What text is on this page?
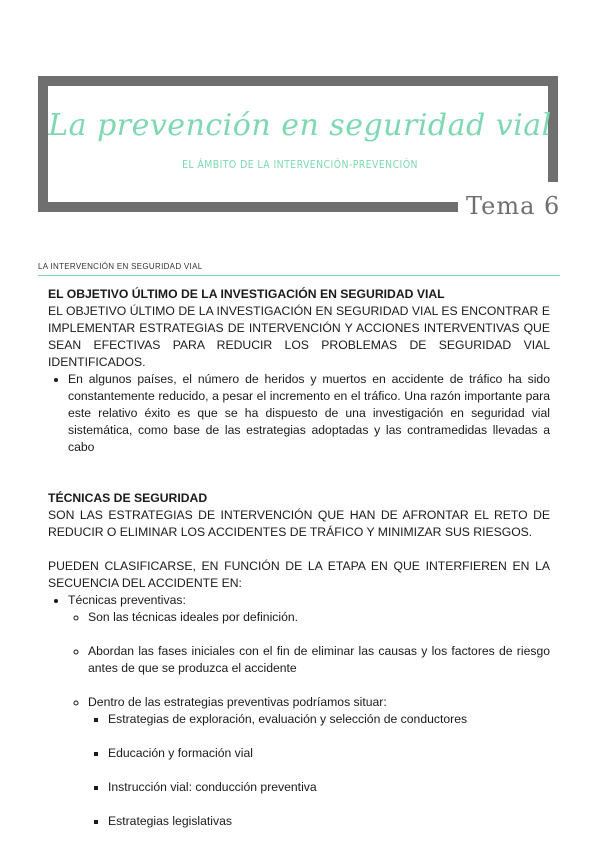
La prevención en seguridad vial
EL ÁMBITO DE LA INTERVENCIÓN-PREVENCIÓN
Tema 6
LA INTERVENCIÓN EN SEGURIDAD VIAL

EL OBJETIVO ÚLTIMO DE LA INVESTIGACIÓN EN SEGURIDAD VIAL

EL OBJETIVO ÚLTIMO DE LA INVESTIGACIÓN EN SEGURIDAD VIAL ES ENCONTRAR E IMPLEMENTAR ESTRATEGIAS DE INTERVENCIÓN Y ACCIONES INTERVENTIVAS QUE SEAN EFECTIVAS PARA REDUCIR LOS PROBLEMAS DE SEGURIDAD VIAL IDENTIFICADOS.

• En algunos países, el número de heridos y muertos en accidente de tráfico ha sido constantemente reducido, a pesar el incremento en el tráfico. Una razón importante para este relativo éxito es que se ha dispuesto de una investigación en seguridad vial sistemática, como base de las estrategias adoptadas y las contramedidas llevadas a cabo

TÉCNICAS DE SEGURIDAD

SON LAS ESTRATEGIAS DE INTERVENCIÓN QUE HAN DE AFRONTAR EL RETO DE REDUCIR O ELIMINAR LOS ACCIDENTES DE TRÁFICO Y MINIMIZAR SUS RIESGOS.

PUEDEN CLASIFICARSE, EN FUNCIÓN DE LA ETAPA EN QUE INTERFIEREN EN LA SECUENCIA DEL ACCIDENTE EN:

• Técnicas preventivas:
◦ Son las técnicas ideales por definición.
◦ Abordan las fases iniciales con el fin de eliminar las causas y los factores de riesgo antes de que se produzca el accidente
◦ Dentro de las estrategias preventivas podríamos situar:
▪ Estrategias de exploración, evaluación y selección de conductores
▪ Educación y formación vial
▪ Instrucción vial: conducción preventiva
▪ Estrategias legislativas
